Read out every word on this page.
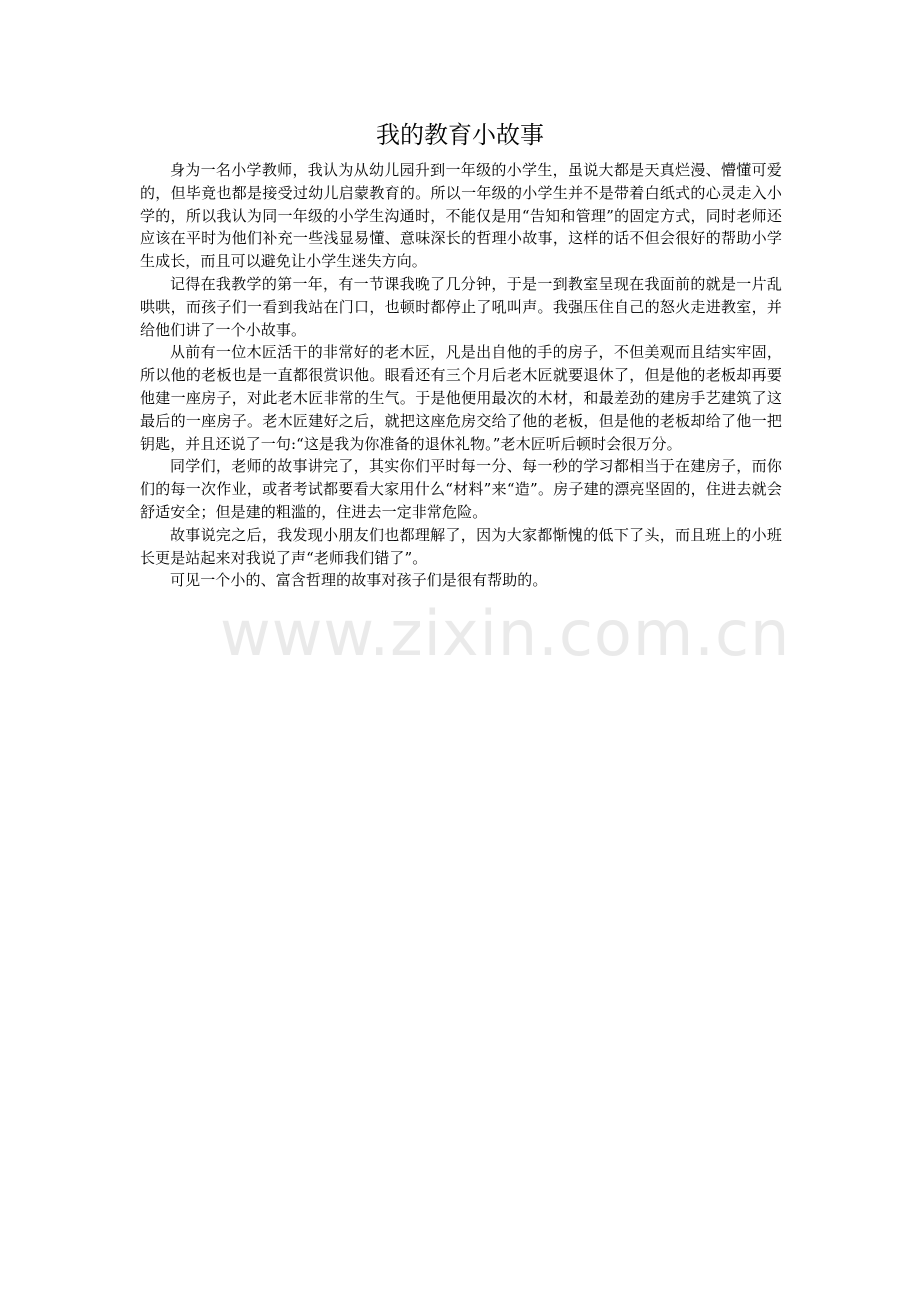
我的教育小故事

身为一名小学教师，我认为从幼儿园升到一年级的小学生，虽说大都是天真烂漫、懵懂可爱的，但毕竟也都是接受过幼儿启蒙教育的。所以一年级的小学生并不是带着白纸式的心灵走入小学的，所以我认为同一年级的小学生沟通时，不能仅是用“告知和管理”的固定方式，同时老师还应该在平时为他们补充一些浅显易懂、意味深长的哲理小故事，这样的话不但会很好的帮助小学生成长，而且可以避免让小学生迷失方向。

记得在我教学的第一年，有一节课我晚了几分钟，于是一到教室呈现在我面前的就是一片乱哄哄，而孩子们一看到我站在门口，也顿时都停止了吼叫声。我强压住自己的怒火走进教室，并给他们讲了一个小故事。

从前有一位木匠活干的非常好的老木匠，凡是出自他的手的房子，不但美观而且结实牢固，所以他的老板也是一直都很赏识他。眼看还有三个月后老木匠就要退休了，但是他的老板却再要他建一座房子，对此老木匠非常的生气。于是他便用最次的木材，和最差劲的建房手艺建筑了这最后的一座房子。老木匠建好之后，就把这座危房交给了他的老板，但是他的老板却给了他一把钥匙，并且还说了一句:“这是我为你准备的退休礼物。”老木匠听后顿时会很万分。

同学们，老师的故事讲完了，其实你们平时每一分、每一秒的学习都相当于在建房子，而你们的每一次作业，或者考试都要看大家用什么“材料”来“造”。房子建的漂亮坚固的，住进去就会舒适安全；但是建的粗滥的，住进去一定非常危险。

故事说完之后，我发现小朋友们也都理解了，因为大家都惭愧的低下了头，而且班上的小班长更是站起来对我说了声“老师我们错了”。

可见一个小的、富含哲理的故事对孩子们是很有帮助的。

www.zixin.com.cn
